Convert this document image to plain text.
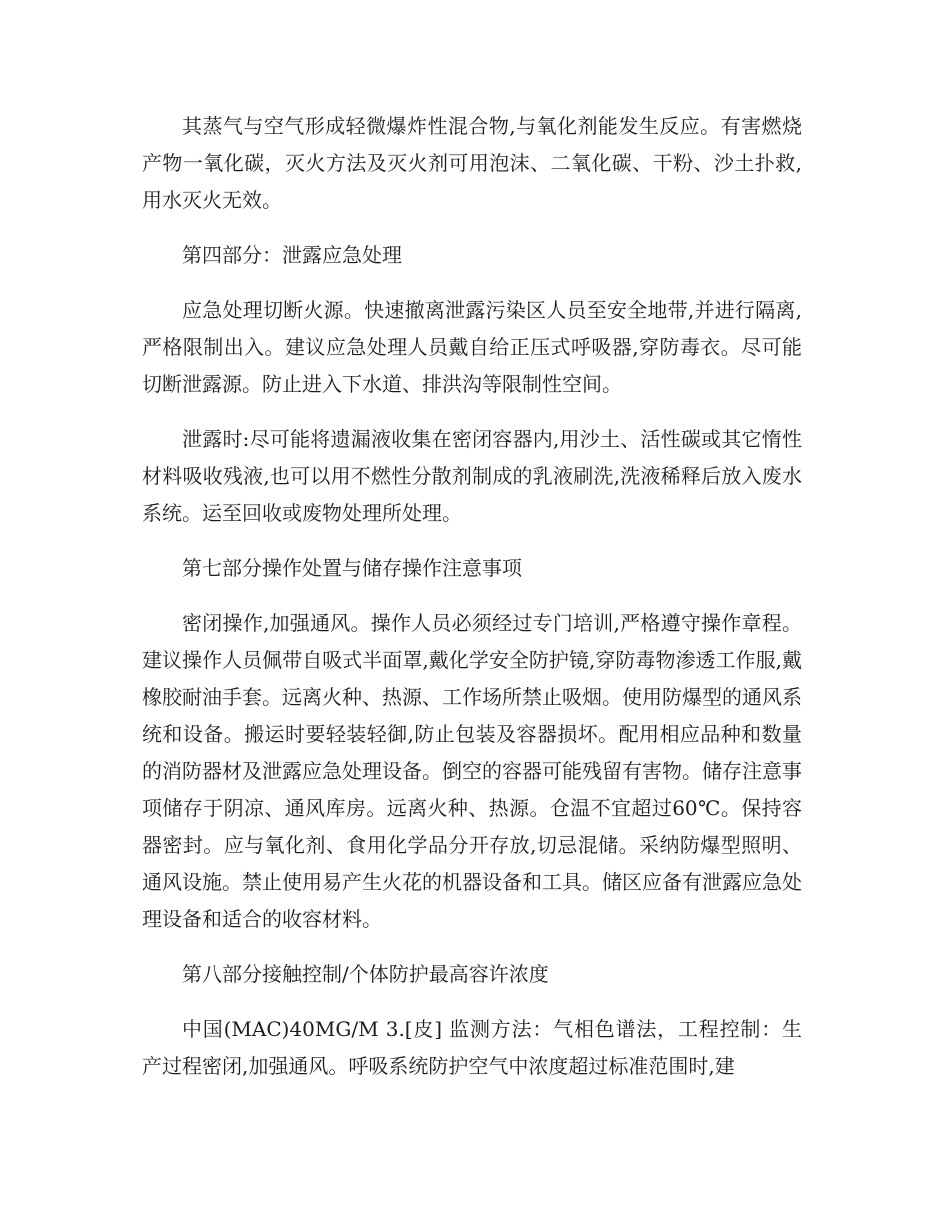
其蒸气与空气形成轻微爆炸性混合物,与氧化剂能发生反应。有害燃烧产物一氧化碳，灭火方法及灭火剂可用泡沫、二氧化碳、干粉、沙土扑救,用水灭火无效。

第四部分：泄露应急处理

应急处理切断火源。快速撤离泄露污染区人员至安全地带,并进行隔离,严格限制出入。建议应急处理人员戴自给正压式呼吸器,穿防毒衣。尽可能切断泄露源。防止进入下水道、排洪沟等限制性空间。

泄露时:尽可能将遗漏液收集在密闭容器内,用沙土、活性碳或其它惰性材料吸收残液,也可以用不燃性分散剂制成的乳液刷洗,洗液稀释后放入废水系统。运至回收或废物处理所处理。

第七部分操作处置与储存操作注意事项

密闭操作,加强通风。操作人员必须经过专门培训,严格遵守操作章程。建议操作人员佩带自吸式半面罩,戴化学安全防护镜,穿防毒物渗透工作服,戴橡胶耐油手套。远离火种、热源、工作场所禁止吸烟。使用防爆型的通风系统和设备。搬运时要轻装轻御,防止包装及容器损坏。配用相应品种和数量的消防器材及泄露应急处理设备。倒空的容器可能残留有害物。储存注意事项储存于阴凉、通风库房。远离火种、热源。仓温不宜超过60℃。保持容器密封。应与氧化剂、食用化学品分开存放,切忌混储。采纳防爆型照明、通风设施。禁止使用易产生火花的机器设备和工具。储区应备有泄露应急处理设备和适合的收容材料。

第八部分接触控制/个体防护最高容许浓度

中国(MAC)40MG/M 3.[皮] 监测方法：气相色谱法，工程控制：生产过程密闭,加强通风。呼吸系统防护空气中浓度超过标准范围时,建
